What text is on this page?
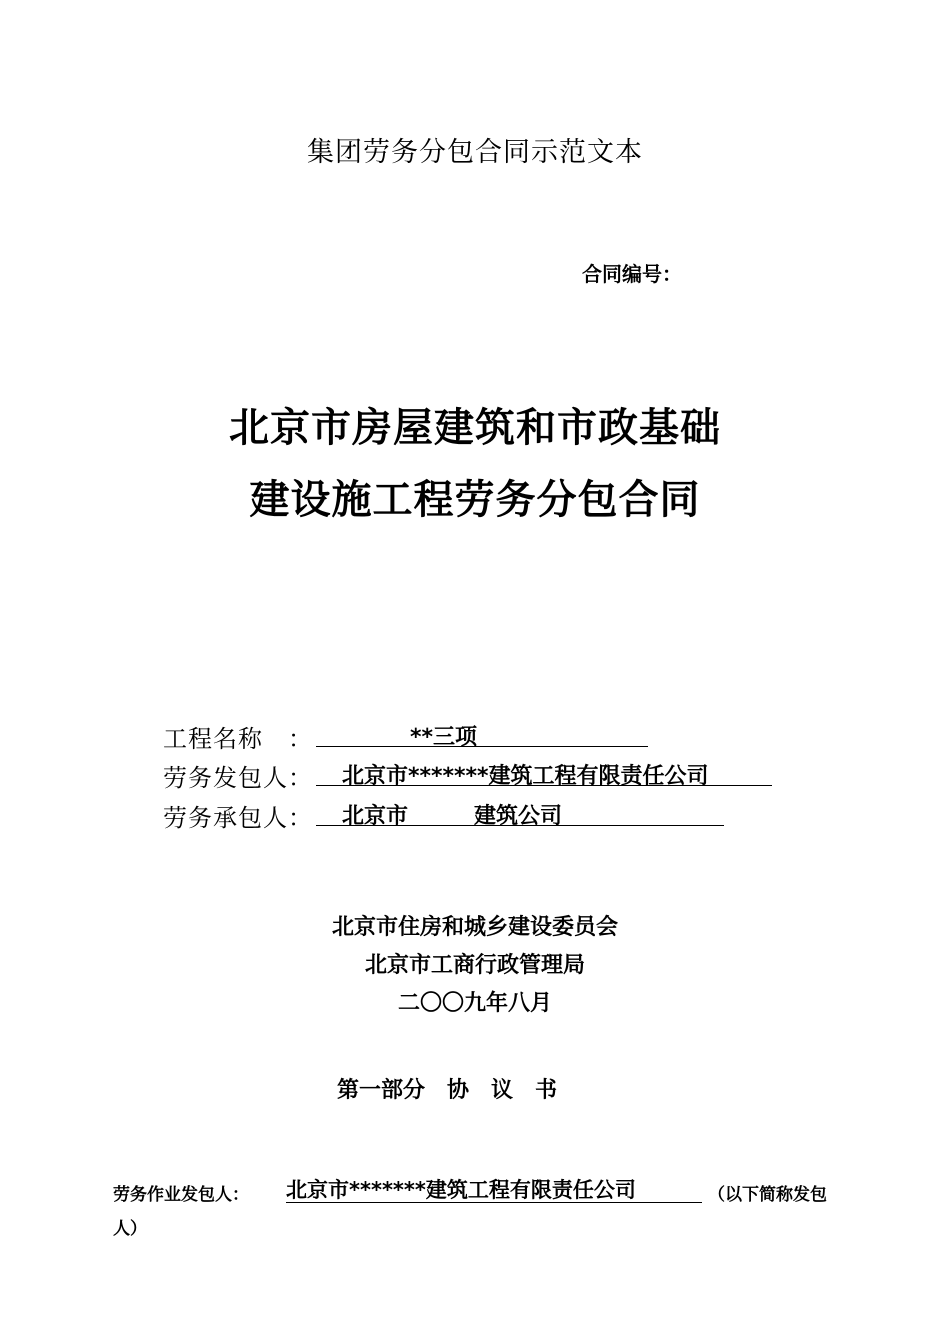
集团劳务分包合同示范文本
合同编号：
北京市房屋建筑和市政基础
建设施工程劳务分包合同
工程名称　：	**三项
劳务发包人： 北京市*******建筑工程有限责任公司
劳务承包人： 北京市	建筑公司
北京市住房和城乡建设委员会
北京市工商行政管理局
二〇〇九年八月
第一部分　协　议　书
劳务作业发包人： 北京市*******建筑工程有限责任公司	（以下简称发包
人）
